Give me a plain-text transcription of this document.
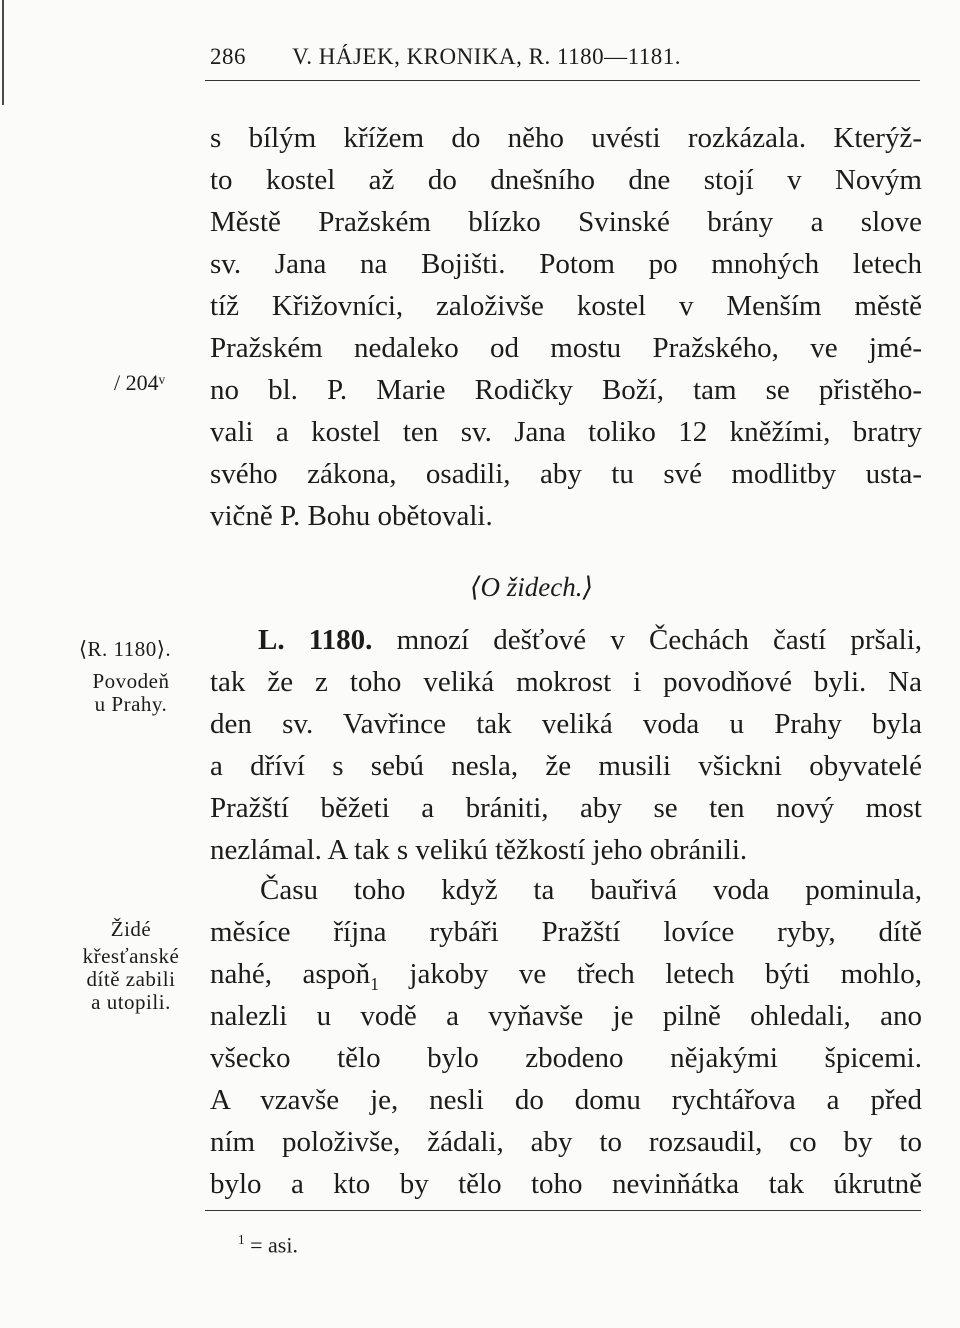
286 V. HÁJEK, KRONIKA, R. 1180—1181.
s bílým křížem do něho uvésti rozkázala. Kterýž-
to kostel až do dnešního dne stojí v Novým
Městě Pražském blízko Svinské brány a slove
sv. Jana na Bojišti. Potom po mnohých letech
tíž Křižovníci, založivše kostel v Menším městě
Pražském nedaleko od mostu Pražského, ve jmé-
no bl. P. Marie Rodičky Boží, tam se přistěho-
vali a kostel ten sv. Jana toliko 12 kněžími, bratry
svého zákona, osadili, aby tu své modlitby usta-
vičně P. Bohu obětovali.
/ 204ᵛ
⟨O židech.⟩
⟨R. 1180⟩.
Povodeň
u Prahy.
L. 1180. mnozí dešťové v Čechách častí pršali,
tak že z toho veliká mokrost i povodňové byli. Na
den sv. Vavřince tak veliká voda u Prahy byla
a dříví s sebú nesla, že musili všickni obyvatelé
Pražští běžeti a brániti, aby se ten nový most
nezlámal. A tak s velikú těžkostí jeho obránili.
Času toho když ta bauřivá voda pominula,
měsíce října rybáři Pražští lovíce ryby, dítě
nahé, aspoň$_1$ jakoby ve třech letech býti mohlo,
nalezli u vodě a vyňavše je pilně ohledali, ano
všecko tělo bylo zbodeno nějakými špicemi.
A vzavše je, nesli do domu rychtářova a před
ním položivše, žádali, aby to rozsaudil, co by to
bylo a kto by tělo toho nevinňátka tak úkrutně
Židé
křesťanské
dítě zabili
a utopili.
$^1$ = asi.
